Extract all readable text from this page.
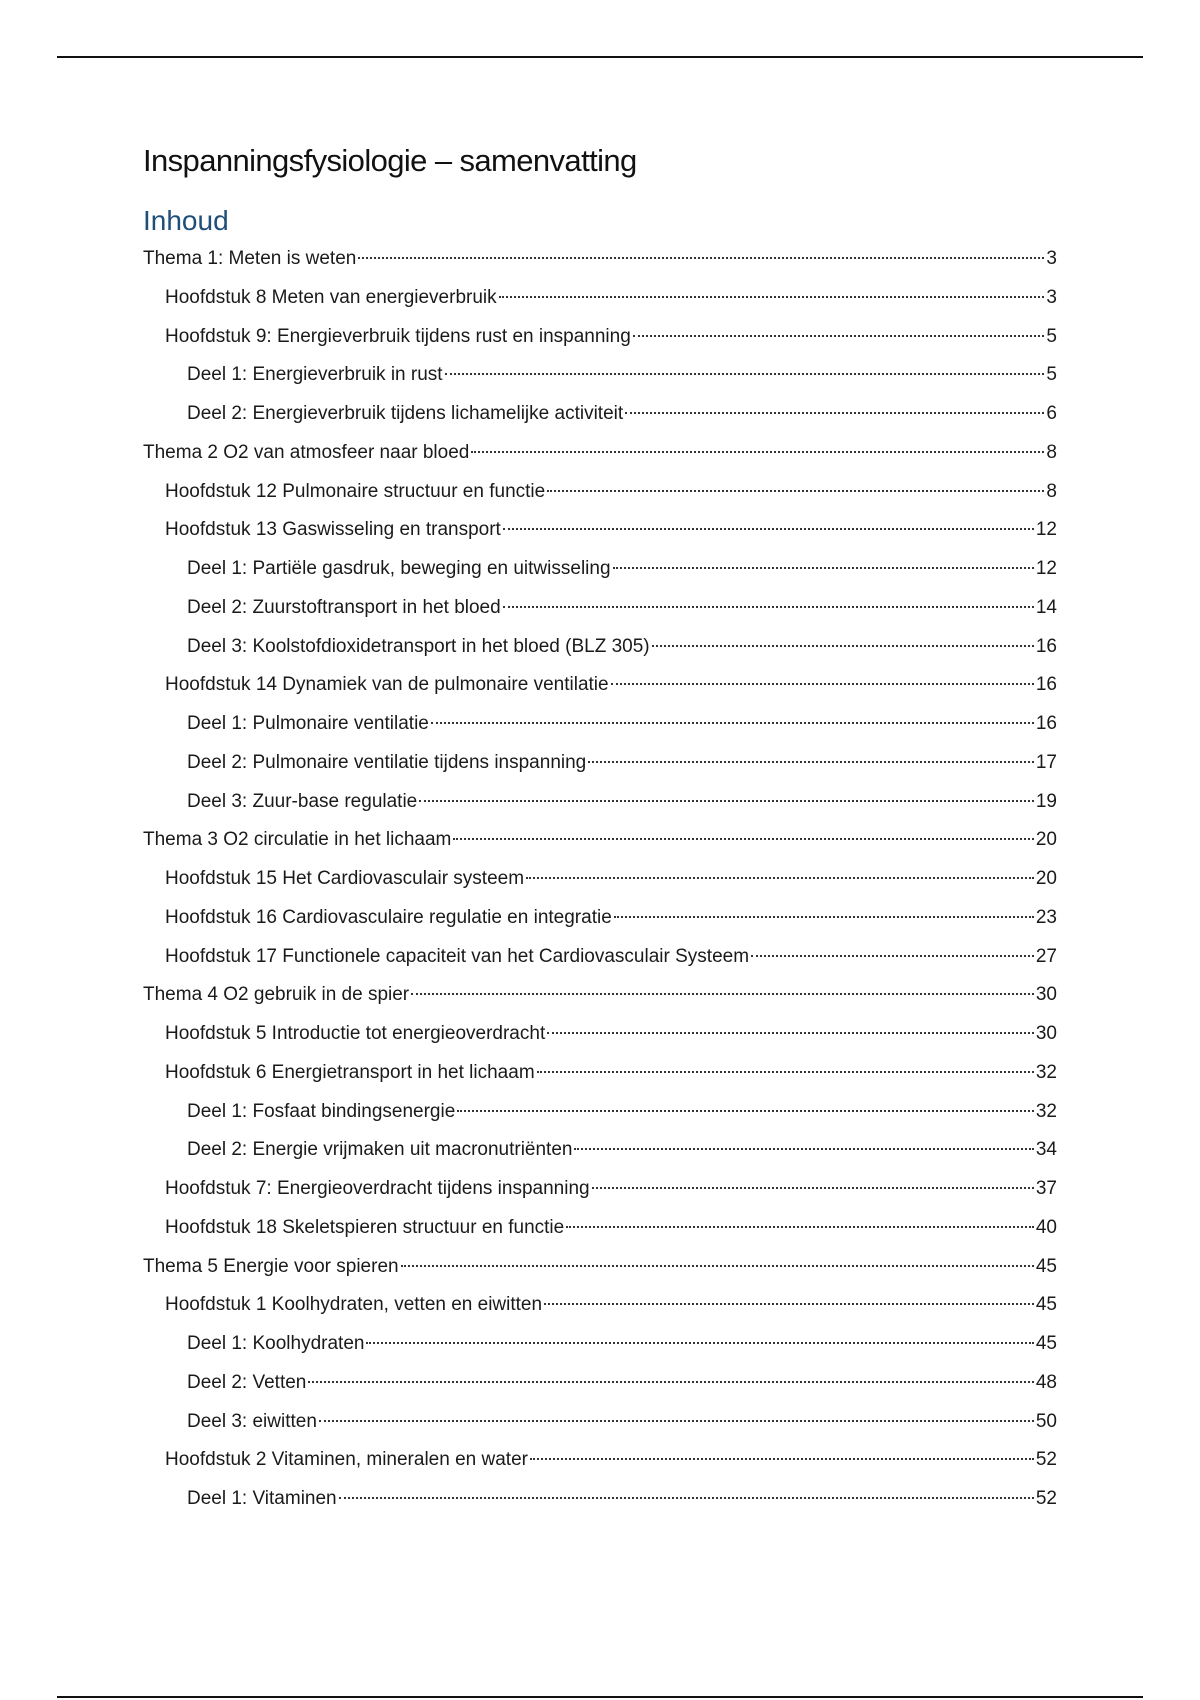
Inspanningsfysiologie – samenvatting
Inhoud
Thema 1: Meten is weten	3
Hoofdstuk 8 Meten van energieverbruik	3
Hoofdstuk 9: Energieverbruik tijdens rust en inspanning	5
Deel 1: Energieverbruik in rust	5
Deel 2: Energieverbruik tijdens lichamelijke activiteit	6
Thema 2 O2 van atmosfeer naar bloed	8
Hoofdstuk 12 Pulmonaire structuur en functie	8
Hoofdstuk 13 Gaswisseling en transport	12
Deel 1: Partiële gasdruk, beweging en uitwisseling	12
Deel 2: Zuurstoftransport in het bloed	14
Deel 3: Koolstofdioxidetransport in het bloed (BLZ 305)	16
Hoofdstuk 14 Dynamiek van de pulmonaire ventilatie	16
Deel 1: Pulmonaire ventilatie	16
Deel 2: Pulmonaire ventilatie tijdens inspanning	17
Deel 3: Zuur-base regulatie	19
Thema 3 O2 circulatie in het lichaam	20
Hoofdstuk 15 Het Cardiovasculair systeem	20
Hoofdstuk 16 Cardiovasculaire regulatie en integratie	23
Hoofdstuk 17 Functionele capaciteit van het Cardiovasculair Systeem	27
Thema 4 O2 gebruik in de spier	30
Hoofdstuk 5 Introductie tot energieoverdracht	30
Hoofdstuk 6 Energietransport in het lichaam	32
Deel 1: Fosfaat bindingsenergie	32
Deel 2: Energie vrijmaken uit macronutriënten	34
Hoofdstuk 7: Energieoverdracht tijdens inspanning	37
Hoofdstuk 18 Skeletspieren structuur en functie	40
Thema 5 Energie voor spieren	45
Hoofdstuk 1 Koolhydraten, vetten en eiwitten	45
Deel 1: Koolhydraten	45
Deel 2: Vetten	48
Deel 3: eiwitten	50
Hoofdstuk 2 Vitaminen, mineralen en water	52
Deel 1: Vitaminen	52
